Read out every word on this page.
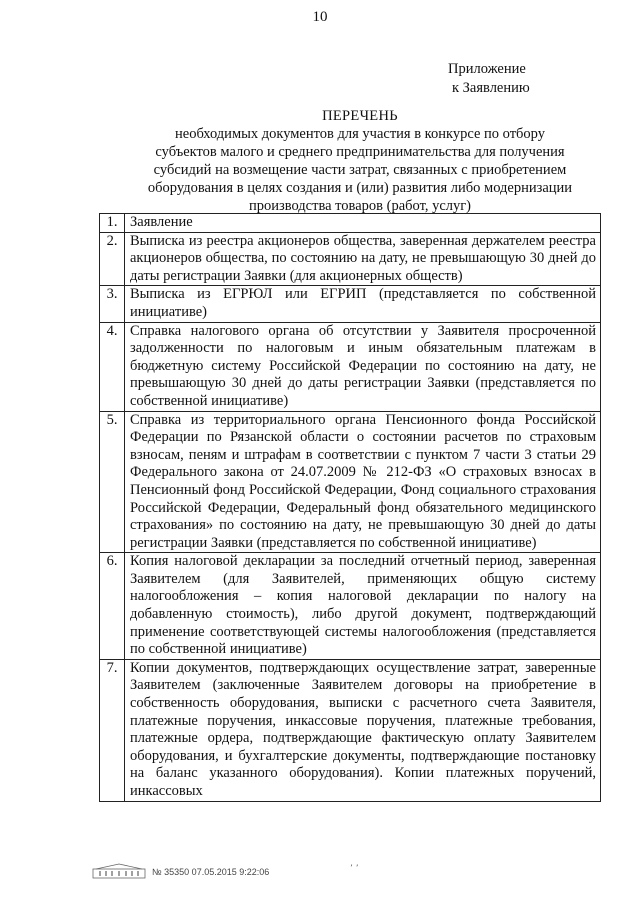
10
Приложение
к Заявлению
ПЕРЕЧЕНЬ
необходимых документов для участия в конкурсе по отбору
субъектов малого и среднего предпринимательства для получения
субсидий на возмещение части затрат, связанных с приобретением
оборудования в целях создания и (или) развития либо модернизации
производства товаров (работ, услуг)
1.	Заявление
2.	Выписка из реестра акционеров общества, заверенная держателем реестра акционеров общества, по состоянию на дату, не превышающую 30 дней до даты регистрации Заявки (для акционерных обществ)
3.	Выписка из ЕГРЮЛ или ЕГРИП (представляется по собственной инициативе)
4.	Справка налогового органа об отсутствии у Заявителя просроченной задолженности по налоговым и иным обязательным платежам в бюджетную систему Российской Федерации по состоянию на дату, не превышающую 30 дней до даты регистрации Заявки (представляется по собственной инициативе)
5.	Справка из территориального органа Пенсионного фонда Российской Федерации по Рязанской области о состоянии расчетов по страховым взносам, пеням и штрафам в соответствии с пунктом 7 части 3 статьи 29 Федерального закона от 24.07.2009 № 212-ФЗ «О страховых взносах в Пенсионный фонд Российской Федерации, Фонд социального страхования Российской Федерации, Федеральный фонд обязательного медицинского страхования» по состоянию на дату, не превышающую 30 дней до даты регистрации Заявки (представляется по собственной инициативе)
6.	Копия налоговой декларации за последний отчетный период, заверенная Заявителем (для Заявителей, применяющих общую систему налогообложения – копия налоговой декларации по налогу на добавленную стоимость), либо другой документ, подтверждающий применение соответствующей системы налогообложения (представляется по собственной инициативе)
7.	Копии документов, подтверждающих осуществление затрат, заверенные Заявителем (заключенные Заявителем договоры на приобретение в собственность оборудования, выписки с расчетного счета Заявителя, платежные поручения, инкассовые поручения, платежные требования, платежные ордера, подтверждающие фактическую оплату Заявителем оборудования, и бухгалтерские документы, подтверждающие постановку на баланс указанного оборудования). Копии платежных поручений, инкассовых
№ 35350 07.05.2015 9:22:06	’ ʼ
